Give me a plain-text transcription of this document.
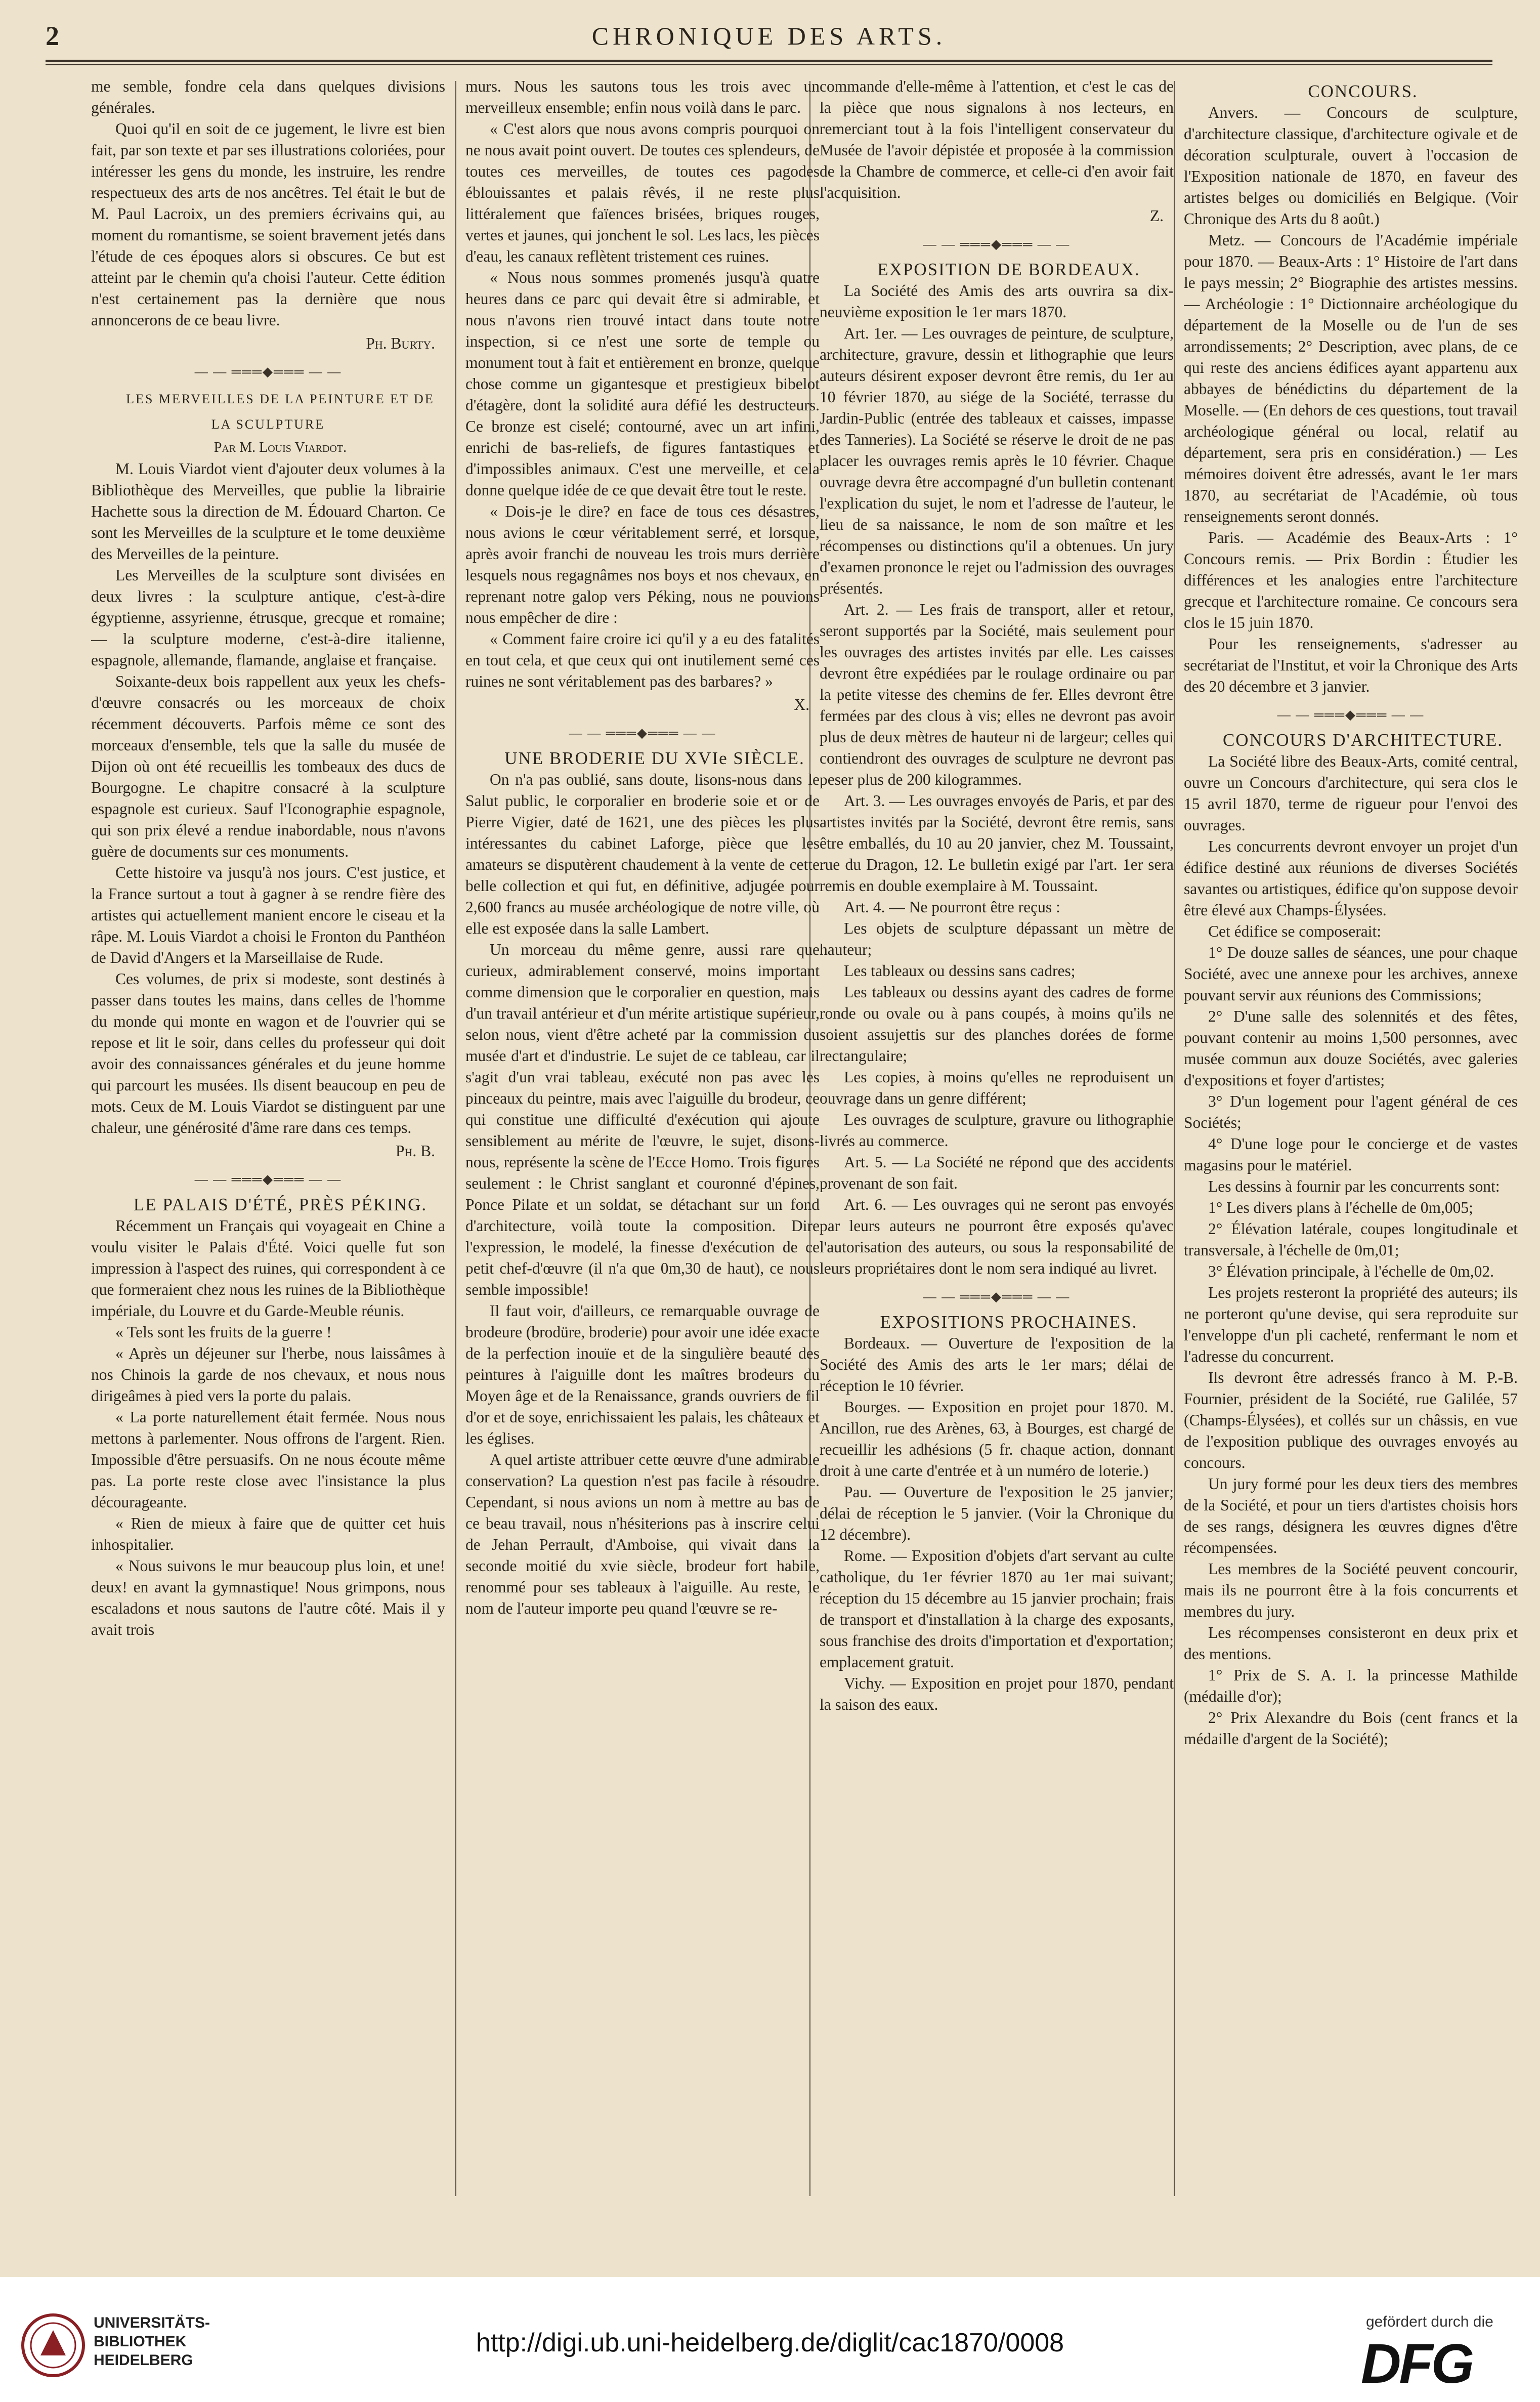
2	CHRONIQUE DES ARTS.

me semble, fondre cela dans quelques divisions générales.

Quoi qu'il en soit de ce jugement, le livre est bien fait, par son texte et par ses illustrations coloriées, pour intéresser les gens du monde, les instruire, les rendre respectueux des arts de nos ancêtres. Tel était le but de M. Paul Lacroix, un des premiers écrivains qui, au moment du romantisme, se soient bravement jetés dans l'étude de ces époques alors si obscures. Ce but est atteint par le chemin qu'a choisi l'auteur. Cette édition n'est certainement pas la dernière que nous annoncerons de ce beau livre.

Ph. Burty.

— — ═══◆═══ — —

LES MERVEILLES DE LA PEINTURE ET DE LA SCULPTURE

Par M. Louis Viardot.

M. Louis Viardot vient d'ajouter deux volumes à la Bibliothèque des Merveilles, que publie la librairie Hachette sous la direction de M. Édouard Charton. Ce sont les Merveilles de la sculpture et le tome deuxième des Merveilles de la peinture.

Les Merveilles de la sculpture sont divisées en deux livres : la sculpture antique, c'est-à-dire égyptienne, assyrienne, étrusque, grecque et romaine; — la sculpture moderne, c'est-à-dire italienne, espagnole, allemande, flamande, anglaise et française.

Soixante-deux bois rappellent aux yeux les chefs-d'œuvre consacrés ou les morceaux de choix récemment découverts. Parfois même ce sont des morceaux d'ensemble, tels que la salle du musée de Dijon où ont été recueillis les tombeaux des ducs de Bourgogne. Le chapitre consacré à la sculpture espagnole est curieux. Sauf l'Iconographie espagnole, qui son prix élevé a rendue inabordable, nous n'avons guère de documents sur ces monuments.

Cette histoire va jusqu'à nos jours. C'est justice, et la France surtout a tout à gagner à se rendre fière des artistes qui actuellement manient encore le ciseau et la râpe. M. Louis Viardot a choisi le Fronton du Panthéon de David d'Angers et la Marseillaise de Rude.

Ces volumes, de prix si modeste, sont destinés à passer dans toutes les mains, dans celles de l'homme du monde qui monte en wagon et de l'ouvrier qui se repose et lit le soir, dans celles du professeur qui doit avoir des connaissances générales et du jeune homme qui parcourt les musées. Ils disent beaucoup en peu de mots. Ceux de M. Louis Viardot se distinguent par une chaleur, une générosité d'âme rare dans ces temps.

Ph. B.

— — ═══◆═══ — —

LE PALAIS D'ÉTÉ, PRÈS PÉKING.

Récemment un Français qui voyageait en Chine a voulu visiter le Palais d'Été. Voici quelle fut son impression à l'aspect des ruines, qui correspondent à ce que formeraient chez nous les ruines de la Bibliothèque impériale, du Louvre et du Garde-Meuble réunis.

« Tels sont les fruits de la guerre !

« Après un déjeuner sur l'herbe, nous laissâmes à nos Chinois la garde de nos chevaux, et nous nous dirigeâmes à pied vers la porte du palais.

« La porte naturellement était fermée. Nous nous mettons à parlementer. Nous offrons de l'argent. Rien. Impossible d'être persuasifs. On ne nous écoute même pas. La porte reste close avec l'insistance la plus décourageante.

« Rien de mieux à faire que de quitter cet huis inhospitalier.

« Nous suivons le mur beaucoup plus loin, et une! deux! en avant la gymnastique! Nous grimpons, nous escaladons et nous sautons de l'autre côté. Mais il y avait trois

murs. Nous les sautons tous les trois avec un merveilleux ensemble; enfin nous voilà dans le parc.

« C'est alors que nous avons compris pourquoi on ne nous avait point ouvert. De toutes ces splendeurs, de toutes ces merveilles, de toutes ces pagodes éblouissantes et palais rêvés, il ne reste plus littéralement que faïences brisées, briques rouges, vertes et jaunes, qui jonchent le sol. Les lacs, les pièces d'eau, les canaux reflètent tristement ces ruines.

« Nous nous sommes promenés jusqu'à quatre heures dans ce parc qui devait être si admirable, et nous n'avons rien trouvé intact dans toute notre inspection, si ce n'est une sorte de temple ou monument tout à fait et entièrement en bronze, quelque chose comme un gigantesque et prestigieux bibelot d'étagère, dont la solidité aura défié les destructeurs. Ce bronze est ciselé; contourné, avec un art infini, enrichi de bas-reliefs, de figures fantastiques et d'impossibles animaux. C'est une merveille, et cela donne quelque idée de ce que devait être tout le reste.

« Dois-je le dire? en face de tous ces désastres, nous avions le cœur véritablement serré, et lorsque, après avoir franchi de nouveau les trois murs derrière lesquels nous regagnâmes nos boys et nos chevaux, en reprenant notre galop vers Péking, nous ne pouvions nous empêcher de dire :

« Comment faire croire ici qu'il y a eu des fatalités en tout cela, et que ceux qui ont inutilement semé ces ruines ne sont véritablement pas des barbares? »

X.

— — ═══◆═══ — —

UNE BRODERIE DU XVIe SIÈCLE.

On n'a pas oublié, sans doute, lisons-nous dans le Salut public, le corporalier en broderie soie et or de Pierre Vigier, daté de 1621, une des pièces les plus intéressantes du cabinet Laforge, pièce que les amateurs se disputèrent chaudement à la vente de cette belle collection et qui fut, en définitive, adjugée pour 2,600 francs au musée archéologique de notre ville, où elle est exposée dans la salle Lambert.

Un morceau du même genre, aussi rare que curieux, admirablement conservé, moins important comme dimension que le corporalier en question, mais d'un travail antérieur et d'un mérite artistique supérieur, selon nous, vient d'être acheté par la commission du musée d'art et d'industrie. Le sujet de ce tableau, car il s'agit d'un vrai tableau, exécuté non pas avec les pinceaux du peintre, mais avec l'aiguille du brodeur, ce qui constitue une difficulté d'exécution qui ajoute sensiblement au mérite de l'œuvre, le sujet, disons-nous, représente la scène de l'Ecce Homo. Trois figures seulement : le Christ sanglant et couronné d'épines, Ponce Pilate et un soldat, se détachant sur un fond d'architecture, voilà toute la composition. Dire l'expression, le modelé, la finesse d'exécution de ce petit chef-d'œuvre (il n'a que 0m,30 de haut), ce nous semble impossible!

Il faut voir, d'ailleurs, ce remarquable ouvrage de brodeure (brodüre, broderie) pour avoir une idée exacte de la perfection inouïe et de la singulière beauté des peintures à l'aiguille dont les maîtres brodeurs du Moyen âge et de la Renaissance, grands ouvriers de fil d'or et de soye, enrichissaient les palais, les châteaux et les églises.

A quel artiste attribuer cette œuvre d'une admirable conservation? La question n'est pas facile à résoudre. Cependant, si nous avions un nom à mettre au bas de ce beau travail, nous n'hésiterions pas à inscrire celui de Jehan Perrault, d'Amboise, qui vivait dans la seconde moitié du xvie siècle, brodeur fort habile, renommé pour ses tableaux à l'aiguille. Au reste, le nom de l'auteur importe peu quand l'œuvre se re-

commande d'elle-même à l'attention, et c'est le cas de la pièce que nous signalons à nos lecteurs, en remerciant tout à la fois l'intelligent conservateur du Musée de l'avoir dépistée et proposée à la commission de la Chambre de commerce, et celle-ci d'en avoir fait l'acquisition.

Z.

— — ═══◆═══ — —

EXPOSITION DE BORDEAUX.

La Société des Amis des arts ouvrira sa dix-neuvième exposition le 1er mars 1870.

Art. 1er. — Les ouvrages de peinture, de sculpture, architecture, gravure, dessin et lithographie que leurs auteurs désirent exposer devront être remis, du 1er au 10 février 1870, au siége de la Société, terrasse du Jardin-Public (entrée des tableaux et caisses, impasse des Tanneries). La Société se réserve le droit de ne pas placer les ouvrages remis après le 10 février. Chaque ouvrage devra être accompagné d'un bulletin contenant l'explication du sujet, le nom et l'adresse de l'auteur, le lieu de sa naissance, le nom de son maître et les récompenses ou distinctions qu'il a obtenues. Un jury d'examen prononce le rejet ou l'admission des ouvrages présentés.

Art. 2. — Les frais de transport, aller et retour, seront supportés par la Société, mais seulement pour les ouvrages des artistes invités par elle. Les caisses devront être expédiées par le roulage ordinaire ou par la petite vitesse des chemins de fer. Elles devront être fermées par des clous à vis; elles ne devront pas avoir plus de deux mètres de hauteur ni de largeur; celles qui contiendront des ouvrages de sculpture ne devront pas peser plus de 200 kilogrammes.

Art. 3. — Les ouvrages envoyés de Paris, et par des artistes invités par la Société, devront être remis, sans être emballés, du 10 au 20 janvier, chez M. Toussaint, rue du Dragon, 12. Le bulletin exigé par l'art. 1er sera remis en double exemplaire à M. Toussaint.

Art. 4. — Ne pourront être reçus :

Les objets de sculpture dépassant un mètre de hauteur;

Les tableaux ou dessins sans cadres;

Les tableaux ou dessins ayant des cadres de forme ronde ou ovale ou à pans coupés, à moins qu'ils ne soient assujettis sur des planches dorées de forme rectangulaire;

Les copies, à moins qu'elles ne reproduisent un ouvrage dans un genre différent;

Les ouvrages de sculpture, gravure ou lithographie livrés au commerce.

Art. 5. — La Société ne répond que des accidents provenant de son fait.

Art. 6. — Les ouvrages qui ne seront pas envoyés par leurs auteurs ne pourront être exposés qu'avec l'autorisation des auteurs, ou sous la responsabilité de leurs propriétaires dont le nom sera indiqué au livret.

— — ═══◆═══ — —

EXPOSITIONS PROCHAINES.

Bordeaux. — Ouverture de l'exposition de la Société des Amis des arts le 1er mars; délai de réception le 10 février.

Bourges. — Exposition en projet pour 1870. M. Ancillon, rue des Arènes, 63, à Bourges, est chargé de recueillir les adhésions (5 fr. chaque action, donnant droit à une carte d'entrée et à un numéro de loterie.)

Pau. — Ouverture de l'exposition le 25 janvier; délai de réception le 5 janvier. (Voir la Chronique du 12 décembre).

Rome. — Exposition d'objets d'art servant au culte catholique, du 1er février 1870 au 1er mai suivant; réception du 15 décembre au 15 janvier prochain; frais de transport et d'installation à la charge des exposants, sous franchise des droits d'importation et d'exportation; emplacement gratuit.

Vichy. — Exposition en projet pour 1870, pendant la saison des eaux.

CONCOURS.

Anvers. — Concours de sculpture, d'architecture classique, d'architecture ogivale et de décoration sculpturale, ouvert à l'occasion de l'Exposition nationale de 1870, en faveur des artistes belges ou domiciliés en Belgique. (Voir Chronique des Arts du 8 août.)

Metz. — Concours de l'Académie impériale pour 1870. — Beaux-Arts : 1° Histoire de l'art dans le pays messin; 2° Biographie des artistes messins. — Archéologie : 1° Dictionnaire archéologique du département de la Moselle ou de l'un de ses arrondissements; 2° Description, avec plans, de ce qui reste des anciens édifices ayant appartenu aux abbayes de bénédictins du département de la Moselle. — (En dehors de ces questions, tout travail archéologique général ou local, relatif au département, sera pris en considération.) — Les mémoires doivent être adressés, avant le 1er mars 1870, au secrétariat de l'Académie, où tous renseignements seront donnés.

Paris. — Académie des Beaux-Arts : 1° Concours remis. — Prix Bordin : Étudier les différences et les analogies entre l'architecture grecque et l'architecture romaine. Ce concours sera clos le 15 juin 1870.

Pour les renseignements, s'adresser au secrétariat de l'Institut, et voir la Chronique des Arts des 20 décembre et 3 janvier.

— — ═══◆═══ — —

CONCOURS D'ARCHITECTURE.

La Société libre des Beaux-Arts, comité central, ouvre un Concours d'architecture, qui sera clos le 15 avril 1870, terme de rigueur pour l'envoi des ouvrages.

Les concurrents devront envoyer un projet d'un édifice destiné aux réunions de diverses Sociétés savantes ou artistiques, édifice qu'on suppose devoir être élevé aux Champs-Élysées.

Cet édifice se composerait:

1° De douze salles de séances, une pour chaque Société, avec une annexe pour les archives, annexe pouvant servir aux réunions des Commissions;

2° D'une salle des solennités et des fêtes, pouvant contenir au moins 1,500 personnes, avec musée commun aux douze Sociétés, avec galeries d'expositions et foyer d'artistes;

3° D'un logement pour l'agent général de ces Sociétés;

4° D'une loge pour le concierge et de vastes magasins pour le matériel.

Les dessins à fournir par les concurrents sont:

1° Les divers plans à l'échelle de 0m,005;

2° Élévation latérale, coupes longitudinale et transversale, à l'échelle de 0m,01;

3° Élévation principale, à l'échelle de 0m,02.

Les projets resteront la propriété des auteurs; ils ne porteront qu'une devise, qui sera reproduite sur l'enveloppe d'un pli cacheté, renfermant le nom et l'adresse du concurrent.

Ils devront être adressés franco à M. P.-B. Fournier, président de la Société, rue Galilée, 57 (Champs-Élysées), et collés sur un châssis, en vue de l'exposition publique des ouvrages envoyés au concours.

Un jury formé pour les deux tiers des membres de la Société, et pour un tiers d'artistes choisis hors de ses rangs, désignera les œuvres dignes d'être récompensées.

Les membres de la Société peuvent concourir, mais ils ne pourront être à la fois concurrents et membres du jury.

Les récompenses consisteront en deux prix et des mentions.

1° Prix de S. A. I. la princesse Mathilde (médaille d'or);

2° Prix Alexandre du Bois (cent francs et la médaille d'argent de la Société);

UNIVERSITÄTS-
BIBLIOTHEK
HEIDELBERG
http://digi.ub.uni-heidelberg.de/diglit/cac1870/0008
gefördert durch die
DFG
